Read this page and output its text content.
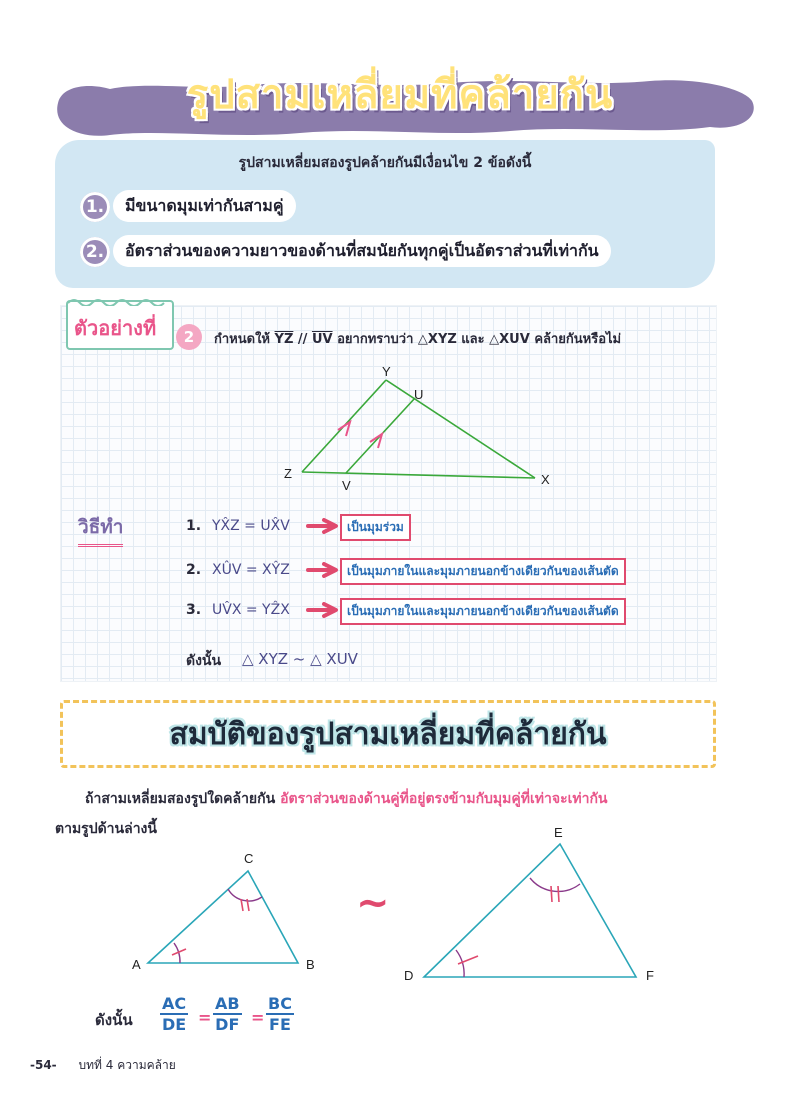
รูปสามเหลี่ยมที่คล้ายกัน
รูปสามเหลี่ยมสองรูปคล้ายกันมีเงื่อนไข 2 ข้อดังนี้
1.	มีขนาดมุมเท่ากันสามคู่
2.	อัตราส่วนของความยาวของด้านที่สมนัยกันทุกคู่เป็นอัตราส่วนที่เท่ากัน
ตัวอย่างที่	2	กำหนดให้ $\overline{YZ} // \overline{UV}$ อยากทราบว่า △XYZ และ △XUV คล้ายกันหรือไม่
Y
U
Z
V	X
วิธีทำ	1. YX̂Z = UX̂V	เป็นมุมร่วม
2. XÛV = XŶZ	เป็นมุมภายในและมุมภายนอกข้างเดียวกันของเส้นตัด
3. UV̂X = YẐX	เป็นมุมภายในและมุมภายนอกข้างเดียวกันของเส้นตัด
ดังนั้น △ XYZ ~ △ XUV
สมบัติของรูปสามเหลี่ยมที่คล้ายกัน
ถ้าสามเหลี่ยมสองรูปใดคล้ายกัน อัตราส่วนของด้านคู่ที่อยู่ตรงข้ามกับมุมคู่ที่เท่าจะเท่ากัน
ตามรูปด้านล่างนี้
A	B
C
~
D	F
E
ดังนั้น $\frac{AC}{DE} = \frac{AB}{DF} = \frac{BC}{FE}$
-54- บทที่ 4 ความคล้าย
